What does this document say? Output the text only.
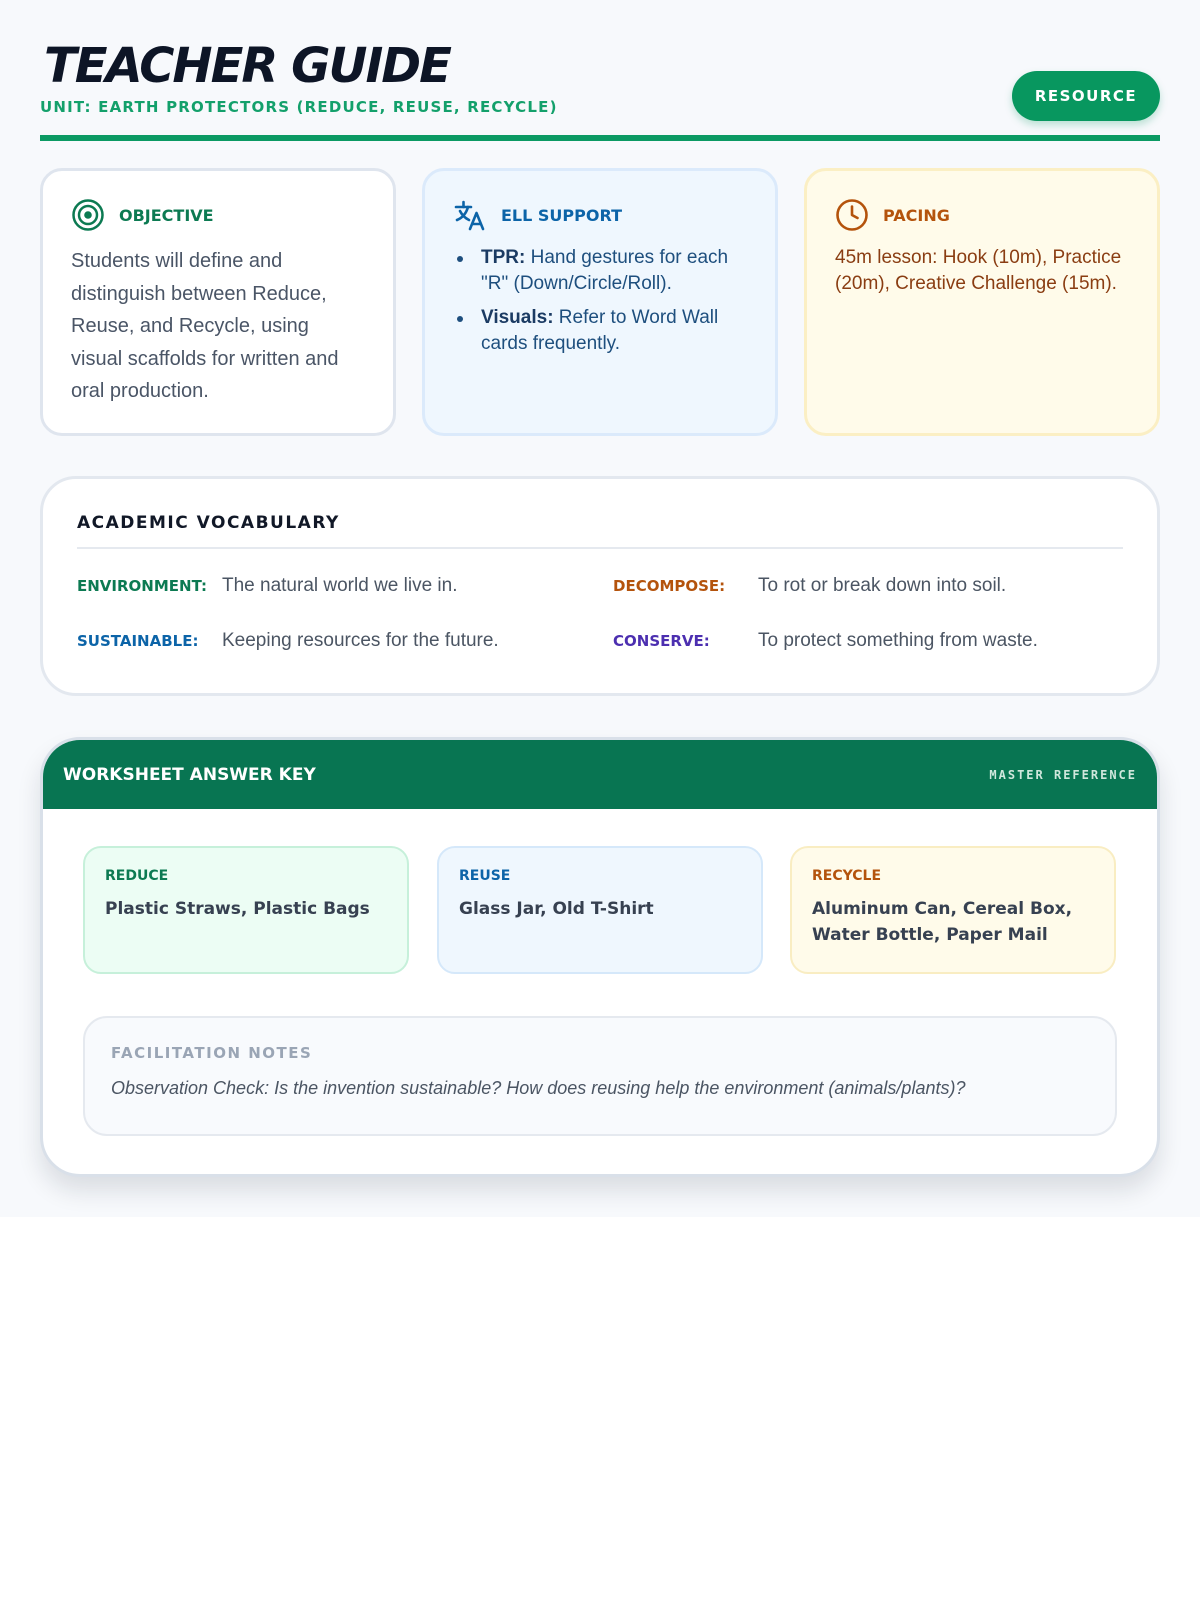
TEACHER GUIDE
UNIT: EARTH PROTECTORS (REDUCE, REUSE, RECYCLE)
RESOURCE
OBJECTIVE

Students will define and distinguish between Reduce, Reuse, and Recycle, using visual scaffolds for written and oral production.

ELL SUPPORT
TPR: Hand gestures for each "R" (Down/Circle/Roll).
Visuals: Refer to Word Wall cards frequently.
PACING

45m lesson: Hook (10m), Practice (20m), Creative Challenge (15m).

ACADEMIC VOCABULARY
ENVIRONMENT: The natural world we live in.	DECOMPOSE: To rot or break down into soil.
SUSTAINABLE: Keeping resources for the future.	CONSERVE:	To protect something from waste.
WORKSHEET ANSWER KEY	MASTER REFERENCE
REDUCE
Plastic Straws, Plastic Bags
REUSE
Glass Jar, Old T-Shirt
RECYCLE
Aluminum Can, Cereal Box, Water Bottle, Paper Mail
FACILITATION NOTES

Observation Check: Is the invention sustainable? How does reusing help the environment (animals/plants)?
